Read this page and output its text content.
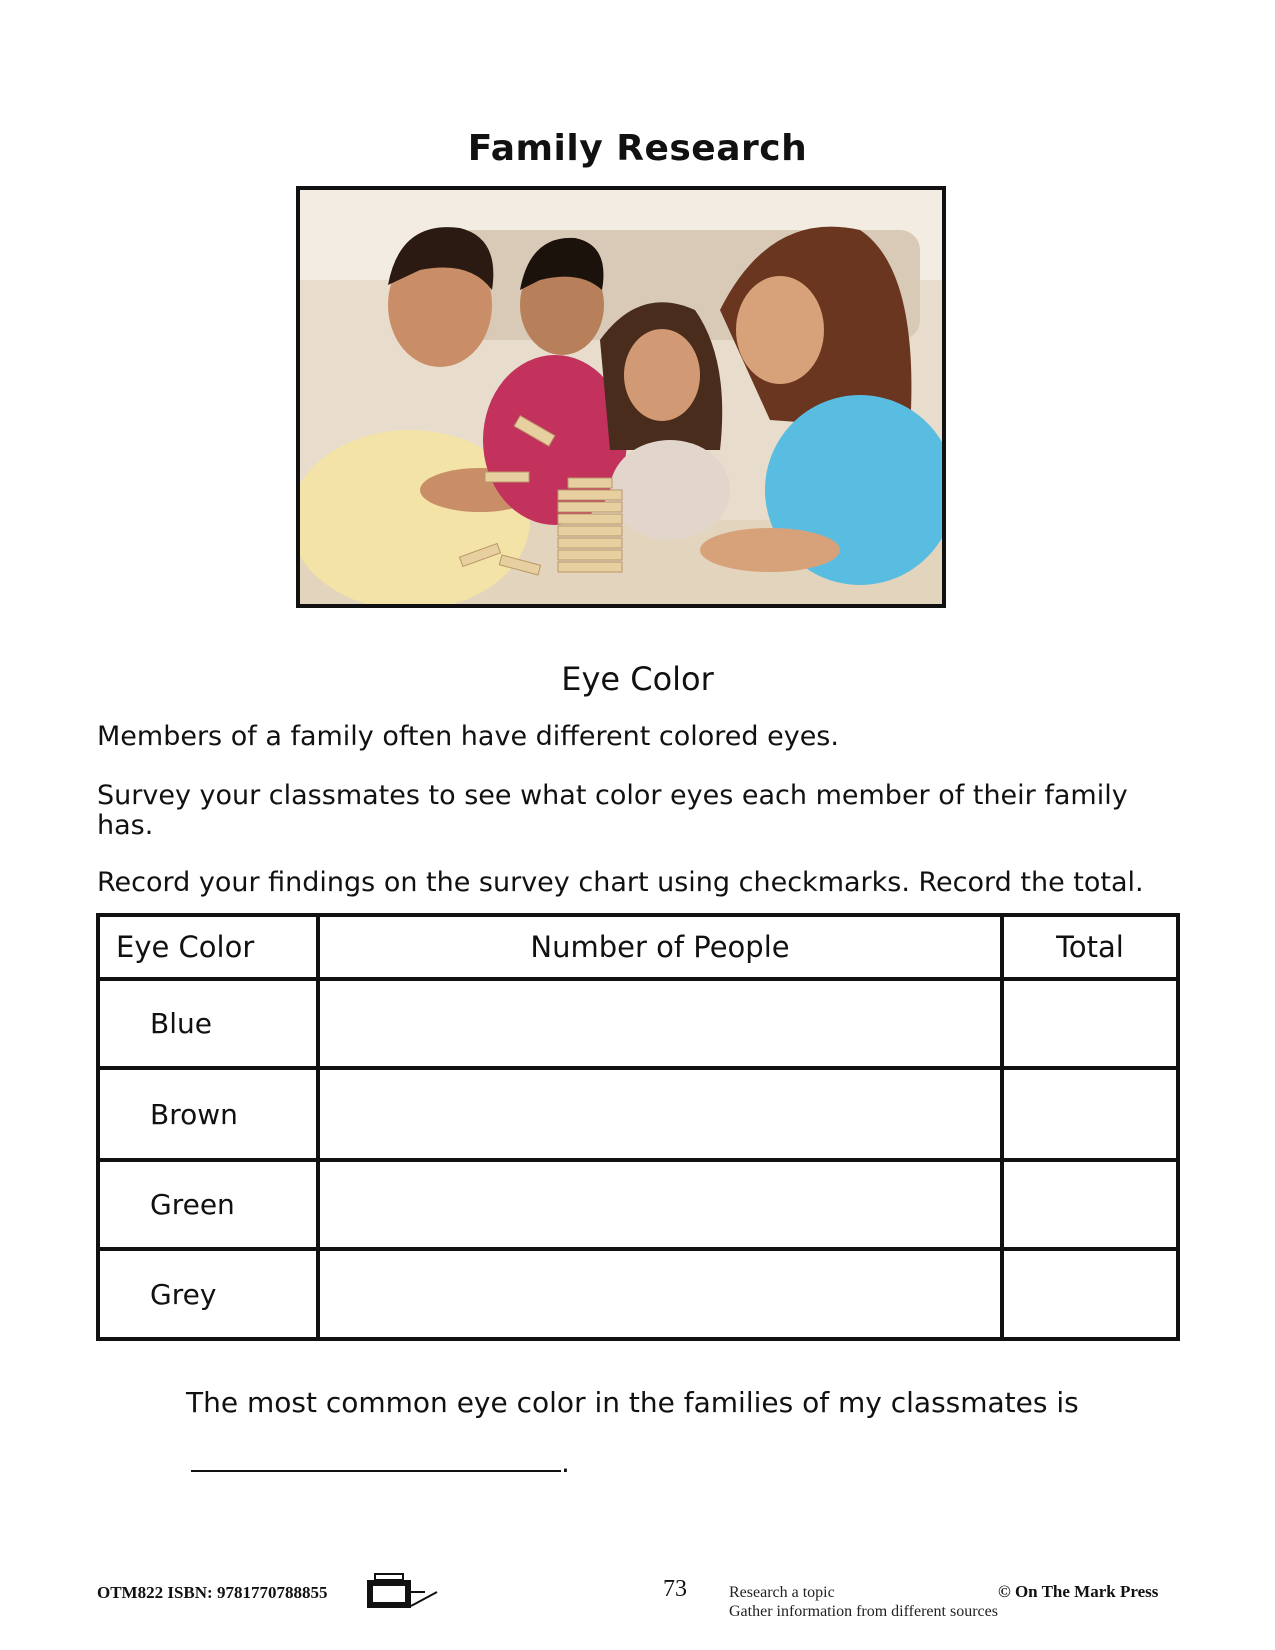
Family Research
Eye Color
Members of a family often have different colored eyes.
Survey your classmates to see what color eyes each member of their family has.
Record your findings on the survey chart using checkmarks. Record the total.
Eye Color	Number of People	Total
Blue		
Brown		
Green		
Grey		
The most common eye color in the families of my classmates is
.
OTM822 ISBN: 9781770788855	73	Research a topic
Gather information from different sources
© On The Mark Press
